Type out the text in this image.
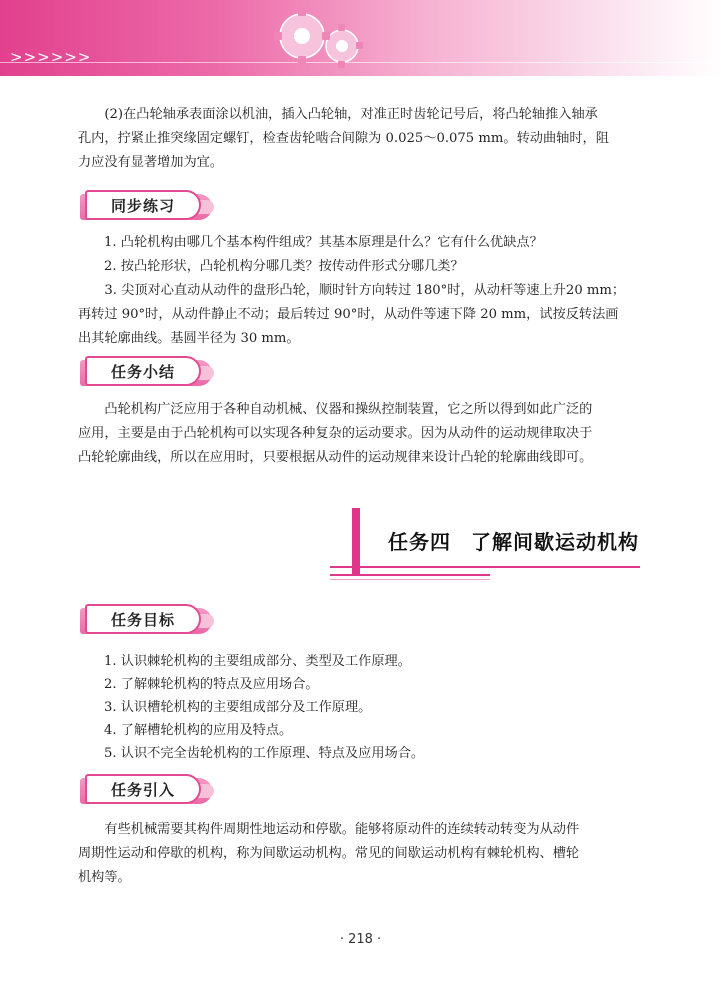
>>>>>>
(2)在凸轮轴承表面涂以机油，插入凸轮轴，对准正时齿轮记号后，将凸轮轴推入轴承
孔内，拧紧止推突缘固定螺钉，检查齿轮啮合间隙为 0.025～0.075 mm。转动曲轴时，阻
力应没有显著增加为宜。
同步练习
1. 凸轮机构由哪几个基本构件组成？其基本原理是什么？它有什么优缺点？
2. 按凸轮形状，凸轮机构分哪几类？按传动件形式分哪几类？
3. 尖顶对心直动从动件的盘形凸轮，顺时针方向转过 180°时，从动杆等速上升20 mm；
再转过 90°时，从动件静止不动；最后转过 90°时，从动件等速下降 20 mm，试按反转法画
出其轮廓曲线。基圆半径为 30 mm。
任务小结
凸轮机构广泛应用于各种自动机械、仪器和操纵控制装置，它之所以得到如此广泛的
应用，主要是由于凸轮机构可以实现各种复杂的运动要求。因为从动件的运动规律取决于
凸轮轮廓曲线，所以在应用时，只要根据从动件的运动规律来设计凸轮的轮廓曲线即可。
任务四 了解间歇运动机构
任务目标
1. 认识棘轮机构的主要组成部分、类型及工作原理。
2. 了解棘轮机构的特点及应用场合。
3. 认识槽轮机构的主要组成部分及工作原理。
4. 了解槽轮机构的应用及特点。
5. 认识不完全齿轮机构的工作原理、特点及应用场合。
任务引入
有些机械需要其构件周期性地运动和停歇。能够将原动件的连续转动转变为从动件
周期性运动和停歇的机构，称为间歇运动机构。常见的间歇运动机构有棘轮机构、槽轮
机构等。
· 218 ·
